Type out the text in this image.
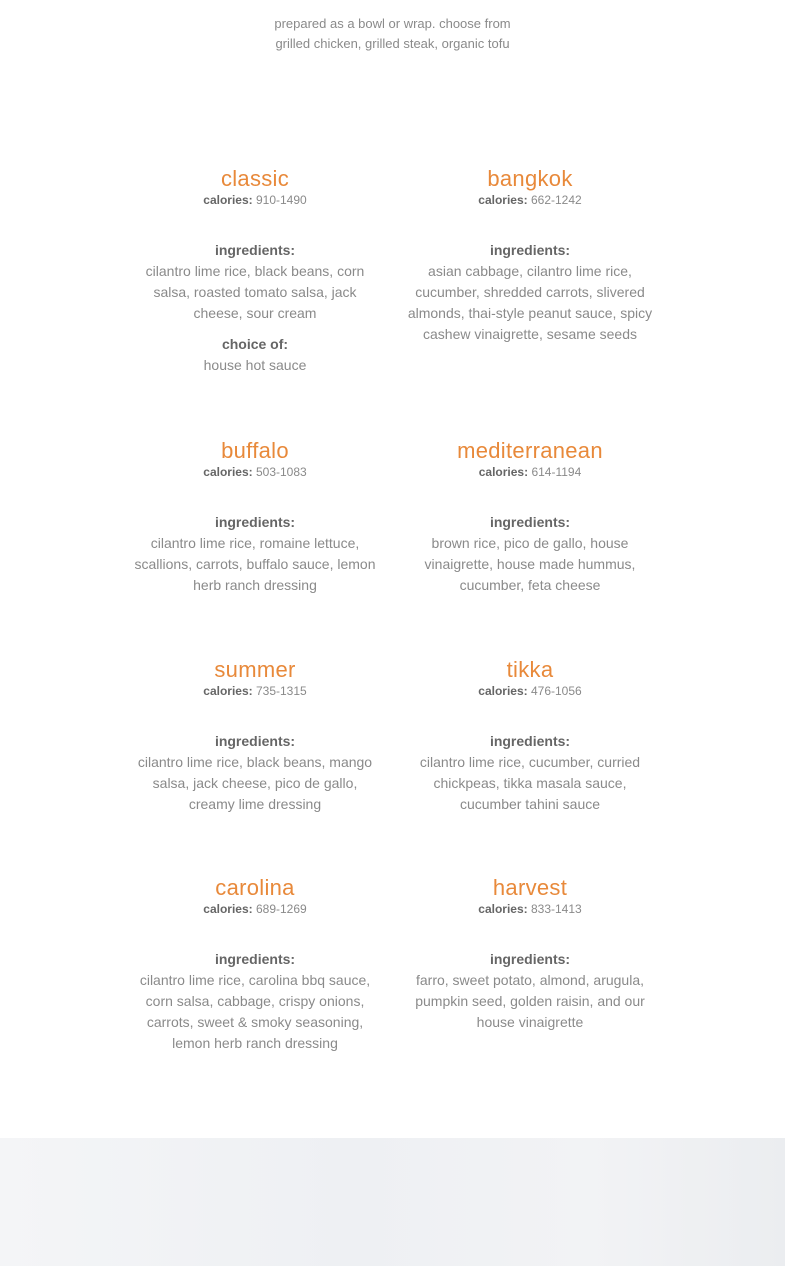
prepared as a bowl or wrap. choose from grilled chicken, grilled steak, organic tofu
classic
calories: 910-1490
ingredients:
cilantro lime rice, black beans, corn salsa, roasted tomato salsa, jack cheese, sour cream
choice of:
house hot sauce
bangkok
calories: 662-1242
ingredients:
asian cabbage, cilantro lime rice, cucumber, shredded carrots, slivered almonds, thai-style peanut sauce, spicy cashew vinaigrette, sesame seeds
buffalo
calories: 503-1083
ingredients:
cilantro lime rice, romaine lettuce, scallions, carrots, buffalo sauce, lemon herb ranch dressing
mediterranean
calories: 614-1194
ingredients:
brown rice, pico de gallo, house vinaigrette, house made hummus, cucumber, feta cheese
summer
calories: 735-1315
ingredients:
cilantro lime rice, black beans, mango salsa, jack cheese, pico de gallo, creamy lime dressing
tikka
calories: 476-1056
ingredients:
cilantro lime rice, cucumber, curried chickpeas, tikka masala sauce, cucumber tahini sauce
carolina
calories: 689-1269
ingredients:
cilantro lime rice, carolina bbq sauce, corn salsa, cabbage, crispy onions, carrots, sweet & smoky seasoning, lemon herb ranch dressing
harvest
calories: 833-1413
ingredients:
farro, sweet potato, almond, arugula, pumpkin seed, golden raisin, and our house vinaigrette
